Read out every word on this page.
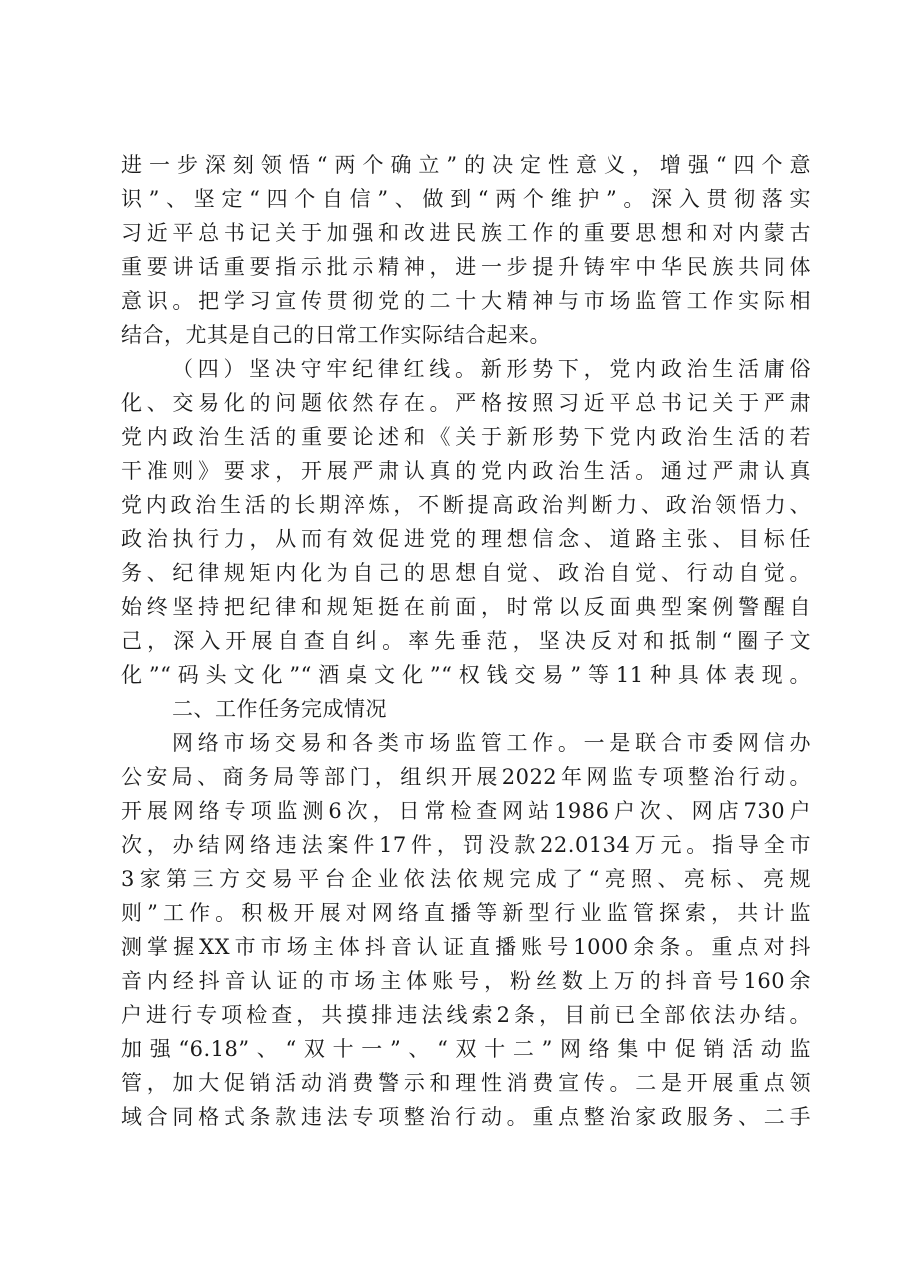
进一步深刻领悟“两个确立”的决定性意义，增强“四个意
识”、坚定“四个自信”、做到“两个维护”。深入贯彻落实
习近平总书记关于加强和改进民族工作的重要思想和对内蒙古
重要讲话重要指示批示精神，进一步提升铸牢中华民族共同体
意识。把学习宣传贯彻党的二十大精神与市场监管工作实际相
结合，尤其是自己的日常工作实际结合起来。
（四）坚决守牢纪律红线。新形势下，党内政治生活庸俗
化、交易化的问题依然存在。严格按照习近平总书记关于严肃
党内政治生活的重要论述和《关于新形势下党内政治生活的若
干准则》要求，开展严肃认真的党内政治生活。通过严肃认真
党内政治生活的长期淬炼，不断提高政治判断力、政治领悟力、
政治执行力，从而有效促进党的理想信念、道路主张、目标任
务、纪律规矩内化为自己的思想自觉、政治自觉、行动自觉。
始终坚持把纪律和规矩挺在前面，时常以反面典型案例警醒自
己，深入开展自查自纠。率先垂范，坚决反对和抵制“圈子文
化”“码头文化”“酒桌文化”“权钱交易”等11种具体表现。
二、工作任务完成情况
网络市场交易和各类市场监管工作。一是联合市委网信办
公安局、商务局等部门，组织开展2022年网监专项整治行动。
开展网络专项监测6次，日常检查网站1986户次、网店730户
次，办结网络违法案件17件，罚没款22.0134万元。指导全市
3家第三方交易平台企业依法依规完成了“亮照、亮标、亮规
则”工作。积极开展对网络直播等新型行业监管探索，共计监
测掌握XX市市场主体抖音认证直播账号1000余条。重点对抖
音内经抖音认证的市场主体账号，粉丝数上万的抖音号160余
户进行专项检查，共摸排违法线索2条，目前已全部依法办结。
加强“6.18”、“双十一”、“双十二”网络集中促销活动监
管，加大促销活动消费警示和理性消费宣传。二是开展重点领
域合同格式条款违法专项整治行动。重点整治家政服务、二手
